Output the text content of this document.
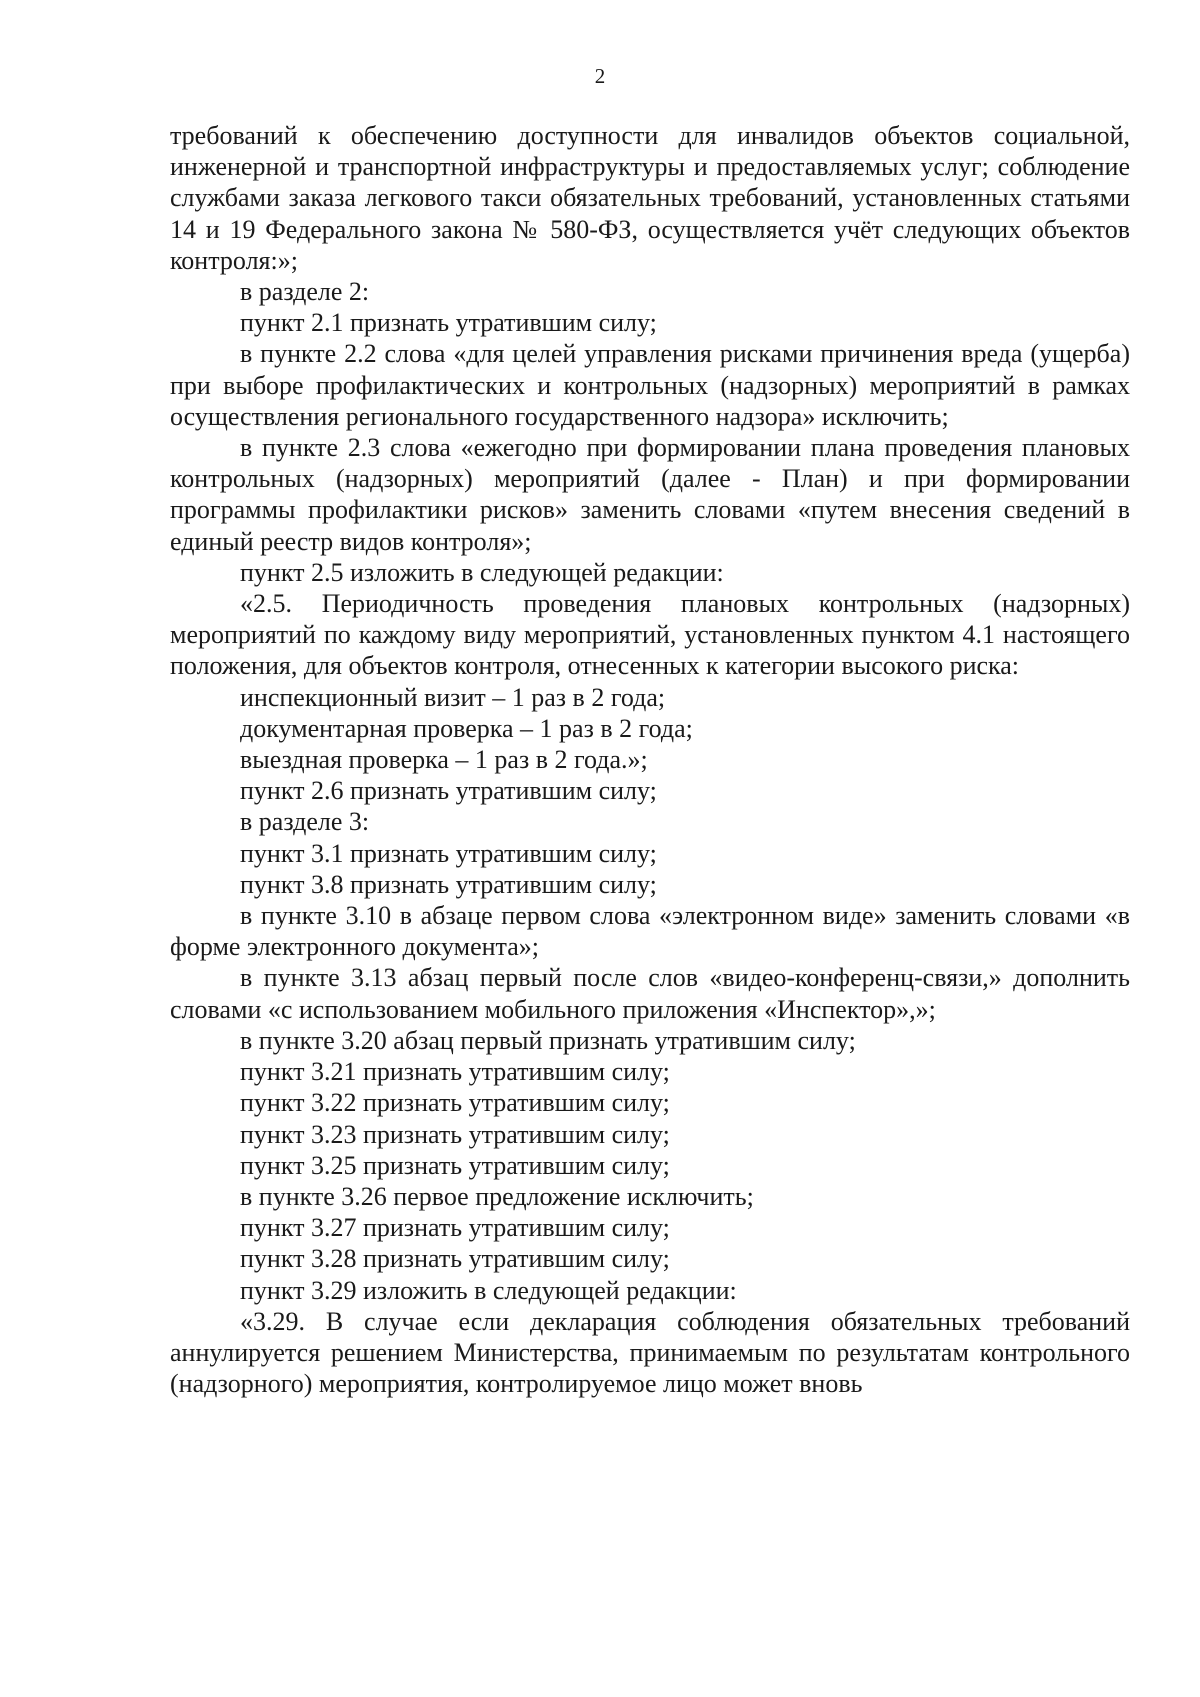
2

требований к обеспечению доступности для инвалидов объектов социальной, инженерной и транспортной инфраструктуры и предоставляемых услуг; соблюдение службами заказа легкового такси обязательных требований, установленных статьями 14 и 19 Федерального закона № 580-ФЗ, осуществляется учёт следующих объектов контроля:»;

в разделе 2:

пункт 2.1 признать утратившим силу;

в пункте 2.2 слова «для целей управления рисками причинения вреда (ущерба) при выборе профилактических и контрольных (надзорных) мероприятий в рамках осуществления регионального государственного надзора» исключить;

в пункте 2.3 слова «ежегодно при формировании плана проведения плановых контрольных (надзорных) мероприятий (далее - План) и при формировании программы профилактики рисков» заменить словами «путем внесения сведений в единый реестр видов контроля»;

пункт 2.5 изложить в следующей редакции:

«2.5. Периодичность проведения плановых контрольных (надзорных) мероприятий по каждому виду мероприятий, установленных пунктом 4.1 настоящего положения, для объектов контроля, отнесенных к категории высокого риска:

инспекционный визит – 1 раз в 2 года;

документарная проверка – 1 раз в 2 года;

выездная проверка – 1 раз в 2 года.»;

пункт 2.6 признать утратившим силу;

в разделе 3:

пункт 3.1 признать утратившим силу;

пункт 3.8 признать утратившим силу;

в пункте 3.10 в абзаце первом слова «электронном виде» заменить словами «в форме электронного документа»;

в пункте 3.13 абзац первый после слов «видео-конференц-связи,» дополнить словами «с использованием мобильного приложения «Инспектор»,»;

в пункте 3.20 абзац первый признать утратившим силу;

пункт 3.21 признать утратившим силу;

пункт 3.22 признать утратившим силу;

пункт 3.23 признать утратившим силу;

пункт 3.25 признать утратившим силу;

в пункте 3.26 первое предложение исключить;

пункт 3.27 признать утратившим силу;

пункт 3.28 признать утратившим силу;

пункт 3.29 изложить в следующей редакции:

«3.29. В случае если декларация соблюдения обязательных требований аннулируется решением Министерства, принимаемым по результатам контрольного (надзорного) мероприятия, контролируемое лицо может вновь
